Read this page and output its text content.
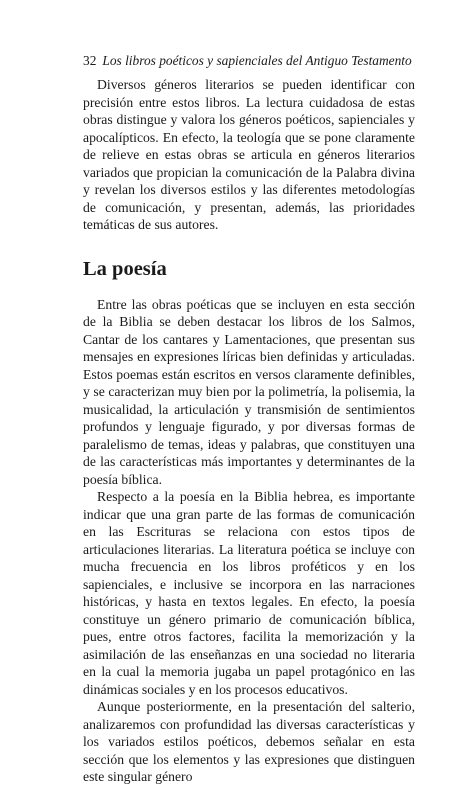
32 Los libros poéticos y sapienciales del Antiguo Testamento

Diversos géneros literarios se pueden identificar con precisión entre estos libros. La lectura cuidadosa de estas obras distingue y valora los géneros poéticos, sapienciales y apocalípticos. En efecto, la teología que se pone claramente de relieve en estas obras se articula en géneros literarios variados que propician la comunicación de la Palabra divina y revelan los diversos estilos y las diferentes metodologías de comunicación, y presentan, además, las prioridades temáticas de sus autores.

La poesía

Entre las obras poéticas que se incluyen en esta sección de la Biblia se deben destacar los libros de los Salmos, Cantar de los cantares y Lamentaciones, que presentan sus mensajes en expresiones líricas bien definidas y articuladas. Estos poemas están escritos en versos claramente definibles, y se caracterizan muy bien por la polimetría, la polisemia, la musicalidad, la articulación y transmisión de sentimientos profundos y lenguaje figurado, y por diversas formas de paralelismo de temas, ideas y palabras, que constituyen una de las características más importantes y determinantes de la poesía bíblica.

Respecto a la poesía en la Biblia hebrea, es importante indicar que una gran parte de las formas de comunicación en las Escrituras se relaciona con estos tipos de articulaciones literarias. La literatura poética se incluye con mucha frecuencia en los libros proféticos y en los sapienciales, e inclusive se incorpora en las narraciones históricas, y hasta en textos legales. En efecto, la poesía constituye un género primario de comunicación bíblica, pues, entre otros factores, facilita la memorización y la asimilación de las enseñanzas en una sociedad no literaria en la cual la memoria jugaba un papel protagónico en las dinámicas sociales y en los procesos educativos.

Aunque posteriormente, en la presentación del salterio, analizaremos con profundidad las diversas características y los variados estilos poéticos, debemos señalar en esta sección que los elementos y las expresiones que distinguen este singular género
